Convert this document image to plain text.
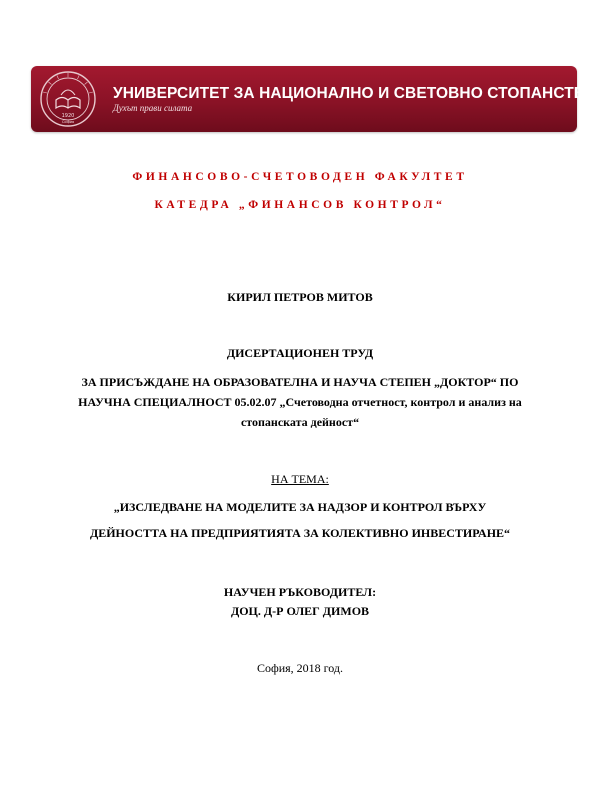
1920
София
УНИВЕРСИТЕТ ЗА НАЦИОНАЛНО И СВЕТОВНО СТОПАНСТВО
Духът прави силата
ФИНАНСОВО-СЧЕТОВОДЕН ФАКУЛТЕТ
КАТЕДРА „ФИНАНСОВ КОНТРОЛ“
КИРИЛ ПЕТРОВ МИТОВ
ДИСЕРТАЦИОНЕН ТРУД
ЗА ПРИСЪЖДАНЕ НА ОБРАЗОВАТЕЛНА И НАУЧА СТЕПЕН „ДОКТОР“ ПО
НАУЧНА СПЕЦИАЛНОСТ 05.02.07 „Счетоводна отчетност, контрол и анализ на
стопанската дейност“
НА ТЕМА:
„ИЗСЛЕДВАНЕ НА МОДЕЛИТЕ ЗА НАДЗОР И КОНТРОЛ ВЪРХУ
ДЕЙНОСТТА НА ПРЕДПРИЯТИЯТА ЗА КОЛЕКТИВНО ИНВЕСТИРАНЕ“
НАУЧЕН РЪКОВОДИТЕЛ:
ДОЦ. Д-Р ОЛЕГ ДИМОВ
София, 2018 год.
